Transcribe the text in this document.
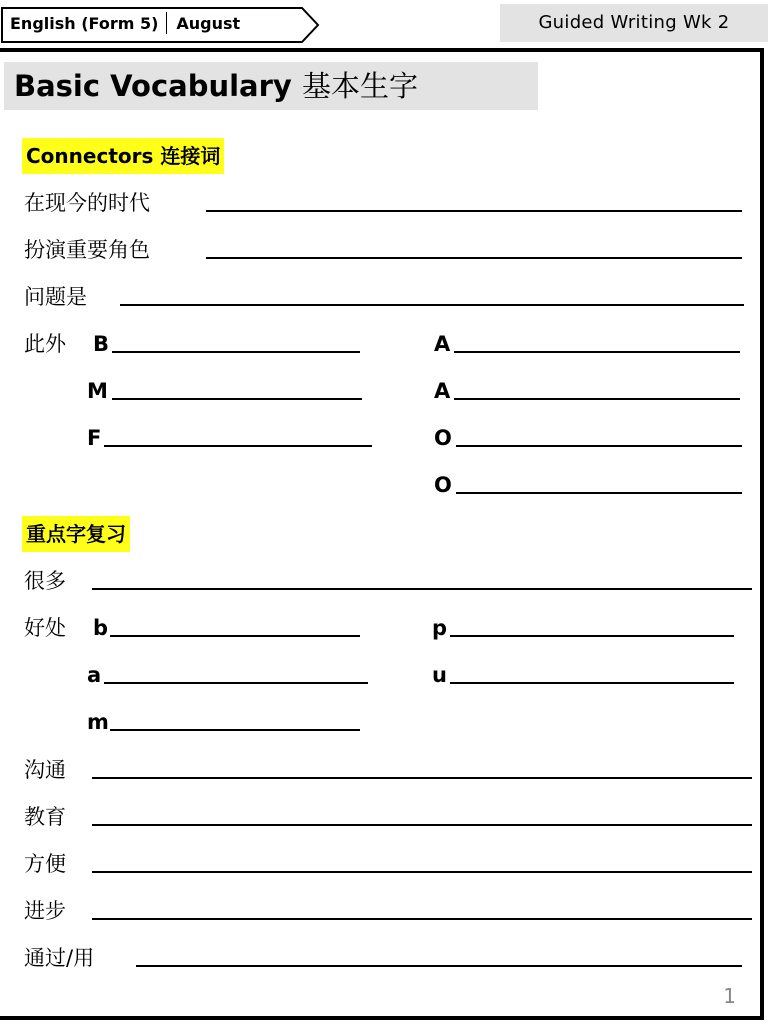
English (Form 5) August	Guided Writing Wk 2
Basic Vocabulary 基本生字
Connectors 连接词
在现今的时代
扮演重要角色
问题是
此外 B
M
F
A
A
O
O
重点字复习
很多
好处 b
a
m
p
u
沟通
教育
方便
进步
通过/用
1
